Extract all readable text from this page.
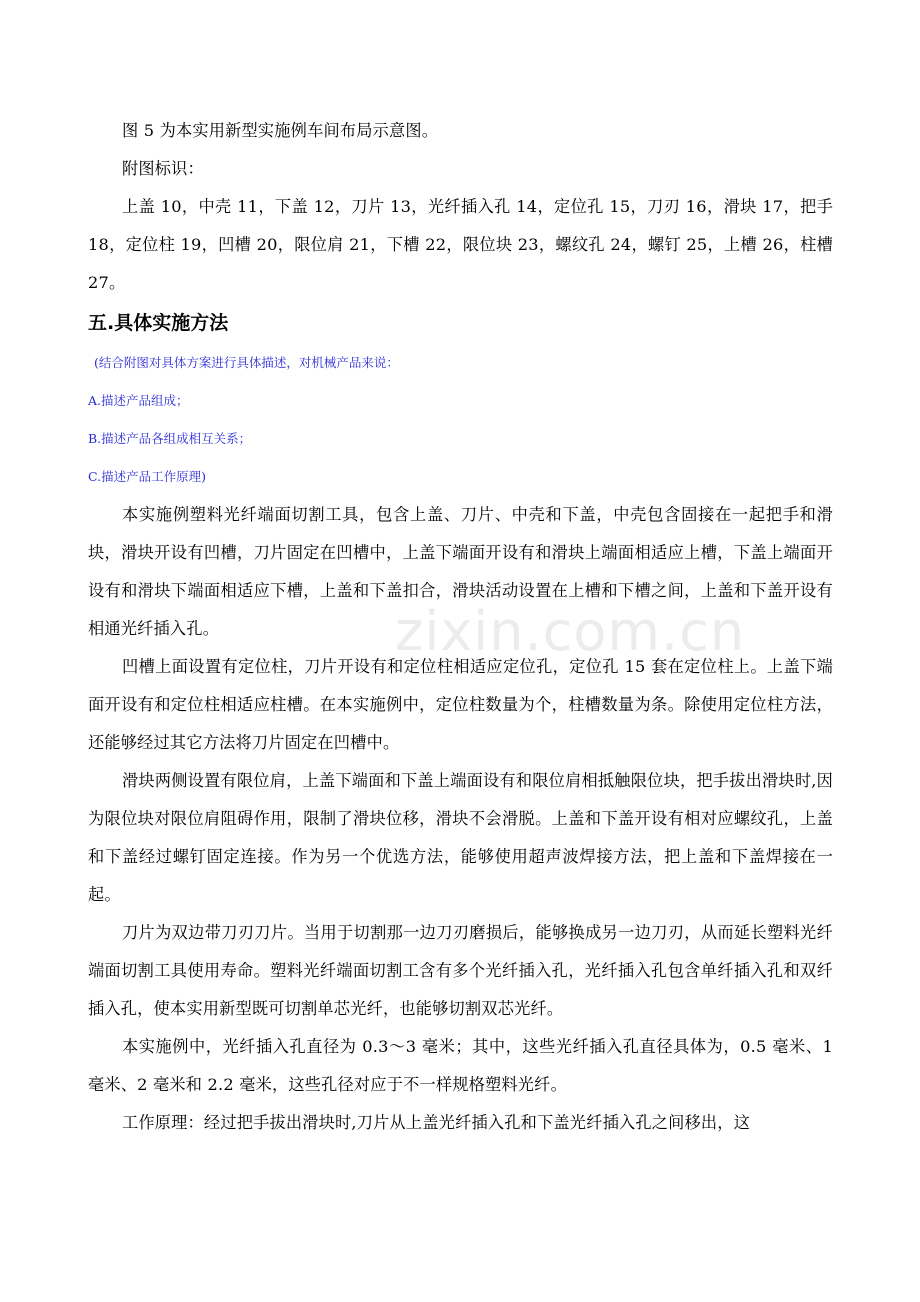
图 5 为本实用新型实施例车间布局示意图。

附图标识：

上盖 10，中壳 11，下盖 12，刀片 13，光纤插入孔 14，定位孔 15，刀刃 16，滑块 17，把手 18，定位柱 19，凹槽 20，限位肩 21，下槽 22，限位块 23，螺纹孔 24，螺钉 25，上槽 26，柱槽 27。

五.具体实施方法

(结合附图对具体方案进行具体描述，对机械产品来说：

A.描述产品组成；

B.描述产品各组成相互关系；

C.描述产品工作原理)

本实施例塑料光纤端面切割工具，包含上盖、刀片、中壳和下盖，中壳包含固接在一起把手和滑块，滑块开设有凹槽，刀片固定在凹槽中，上盖下端面开设有和滑块上端面相适应上槽，下盖上端面开设有和滑块下端面相适应下槽，上盖和下盖扣合，滑块活动设置在上槽和下槽之间，上盖和下盖开设有相通光纤插入孔。

凹槽上面设置有定位柱，刀片开设有和定位柱相适应定位孔，定位孔 15 套在定位柱上。上盖下端面开设有和定位柱相适应柱槽。在本实施例中，定位柱数量为个，柱槽数量为条。除使用定位柱方法，还能够经过其它方法将刀片固定在凹槽中。

滑块两侧设置有限位肩，上盖下端面和下盖上端面设有和限位肩相抵触限位块，把手拔出滑块时,因为限位块对限位肩阻碍作用，限制了滑块位移，滑块不会滑脱。上盖和下盖开设有相对应螺纹孔，上盖和下盖经过螺钉固定连接。作为另一个优选方法，能够使用超声波焊接方法，把上盖和下盖焊接在一起。

刀片为双边带刀刃刀片。当用于切割那一边刀刃磨损后，能够换成另一边刀刃，从而延长塑料光纤端面切割工具使用寿命。塑料光纤端面切割工含有多个光纤插入孔，光纤插入孔包含单纤插入孔和双纤插入孔，使本实用新型既可切割单芯光纤，也能够切割双芯光纤。

本实施例中，光纤插入孔直径为 0.3～3 毫米；其中，这些光纤插入孔直径具体为，0.5 毫米、1 毫米、2 毫米和 2.2 毫米，这些孔径对应于不一样规格塑料光纤。

工作原理：经过把手拔出滑块时,刀片从上盖光纤插入孔和下盖光纤插入孔之间移出，这

zixin.com.cn
